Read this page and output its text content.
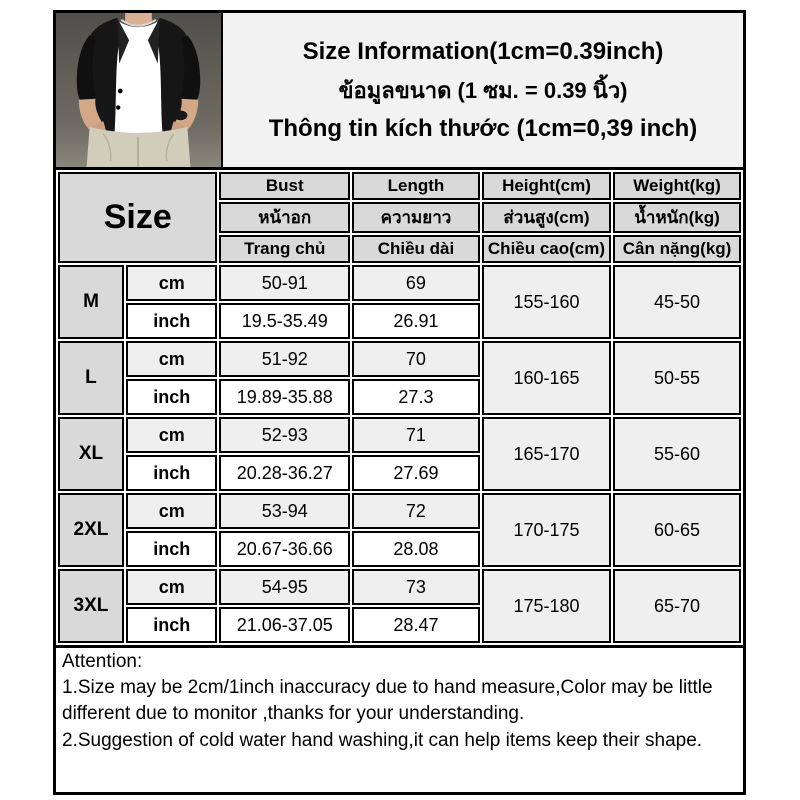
Size Information(1cm=0.39inch)
ข้อมูลขนาด (1 ซม. = 0.39 นิ้ว)
Thông tin kích thước (1cm=0,39 inch)
Size		Bust	Length	Height(cm)	Weight(kg)
		หน้าอก	ความยาว	ส่วนสูง(cm)	น้ำหนัก(kg)
		Trang chủ	Chiều dài	Chiều cao(cm)	Cân nặng(kg)
M	cm	50-91	69	155-160	45-50
	inch	19.5-35.49	26.91		
L	cm	51-92	70	160-165	50-55
	inch	19.89-35.88	27.3		
XL	cm	52-93	71	165-170	55-60
	inch	20.28-36.27	27.69		
2XL	cm	53-94	72	170-175	60-65
	inch	20.67-36.66	28.08		
3XL	cm	54-95	73	175-180	65-70
	inch	21.06-37.05	28.47		
Attention:
1.Size may be 2cm/1inch inaccuracy due to hand measure,Color may be little different due to monitor ,thanks for your understanding.
2.Suggestion of cold water hand washing,it can help items keep their shape.
